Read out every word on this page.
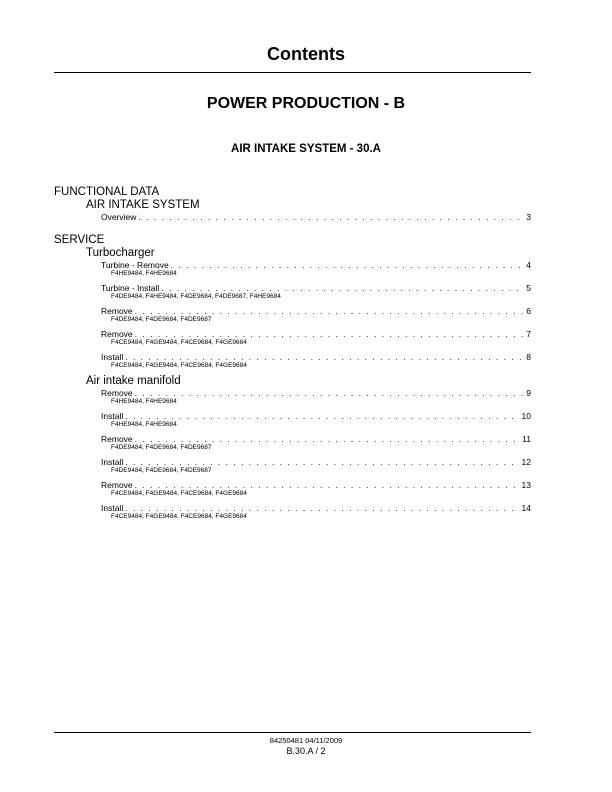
Contents
POWER PRODUCTION - B
AIR INTAKE SYSTEM - 30.A
FUNCTIONAL DATA
AIR INTAKE SYSTEM
Overview . . .	3
SERVICE
Turbocharger
Turbine - Remove . . .	4
F4HE9484, F4HE9684
Turbine - Install . . .	5
F4DE9484, F4HE9484, F4DE9684, F4DE9687, F4HE9684
Remove . . .	6
F4DE9484, F4DE9684, F4DE9687
Remove . . .	7
F4CE9484, F4GE9484, F4CE9684, F4GE9684
Install . . .	8
F4CE9484, F4GE9484, F4CE9684, F4GE9684
Air intake manifold
Remove . . .	9
F4HE9484, F4HE9684
Install . . .	10
F4HE9484, F4HE9684
Remove . . .	11
F4DE9484, F4DE9684, F4DE9687
Install . . .	12
F4DE9484, F4DE9684, F4DE9687
Remove . . .	13
F4CE9484, F4GE9484, F4CE9684, F4GE9684
Install . . .	14
F4CE9484, F4GE9484, F4CE9684, F4GE9684
84250481 04/11/2009
B.30.A / 2
